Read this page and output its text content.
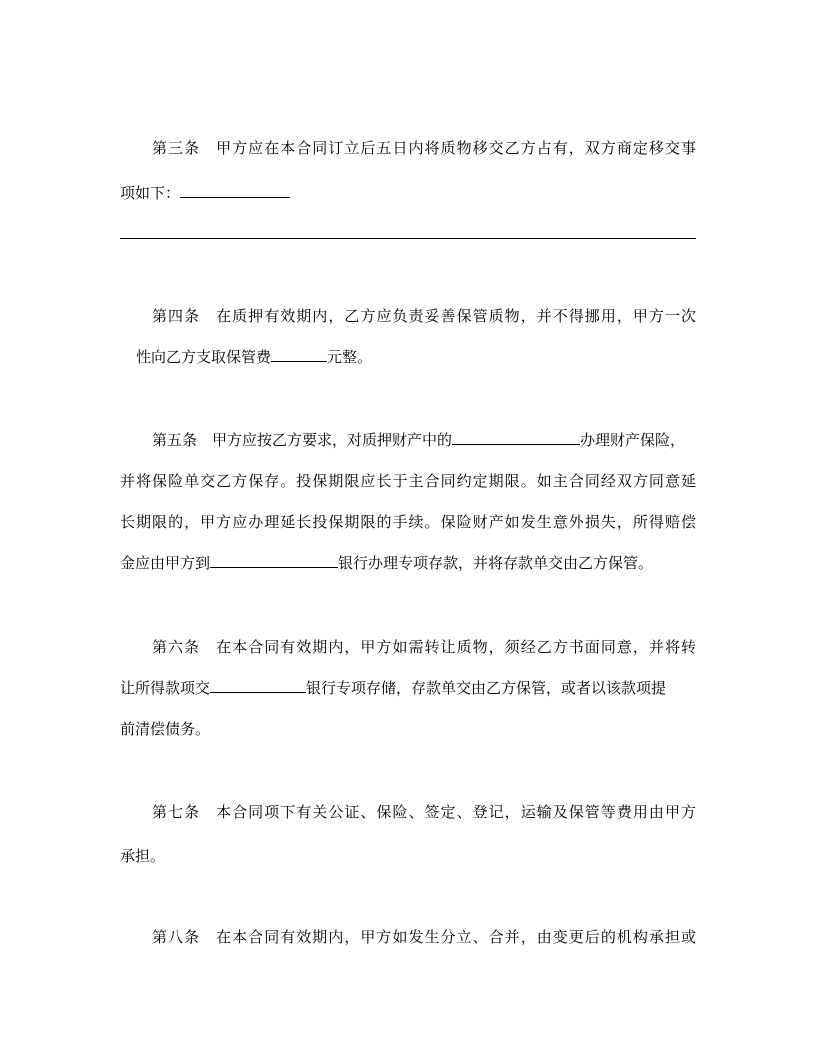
第三条　甲方应在本合同订立后五日内将质物移交乙方占有，双方商定移交事
项如下：
第四条　在质押有效期内，乙方应负责妥善保管质物，并不得挪用，甲方一次
性向乙方支取保管费	元整。
第五条　甲方应按乙方要求，对质押财产中的	办理财产保险，
并将保险单交乙方保存。投保期限应长于主合同约定期限。如主合同经双方同意延
长期限的，甲方应办理延长投保期限的手续。保险财产如发生意外损失，所得赔偿
金应由甲方到	银行办理专项存款，并将存款单交由乙方保管。
第六条　在本合同有效期内，甲方如需转让质物，须经乙方书面同意，并将转
让所得款项交	银行专项存储，存款单交由乙方保管，或者以该款项提
前清偿债务。
第七条　本合同项下有关公证、保险、签定、登记，运输及保管等费用由甲方
承担。
第八条　在本合同有效期内，甲方如发生分立、合并，由变更后的机构承担或
